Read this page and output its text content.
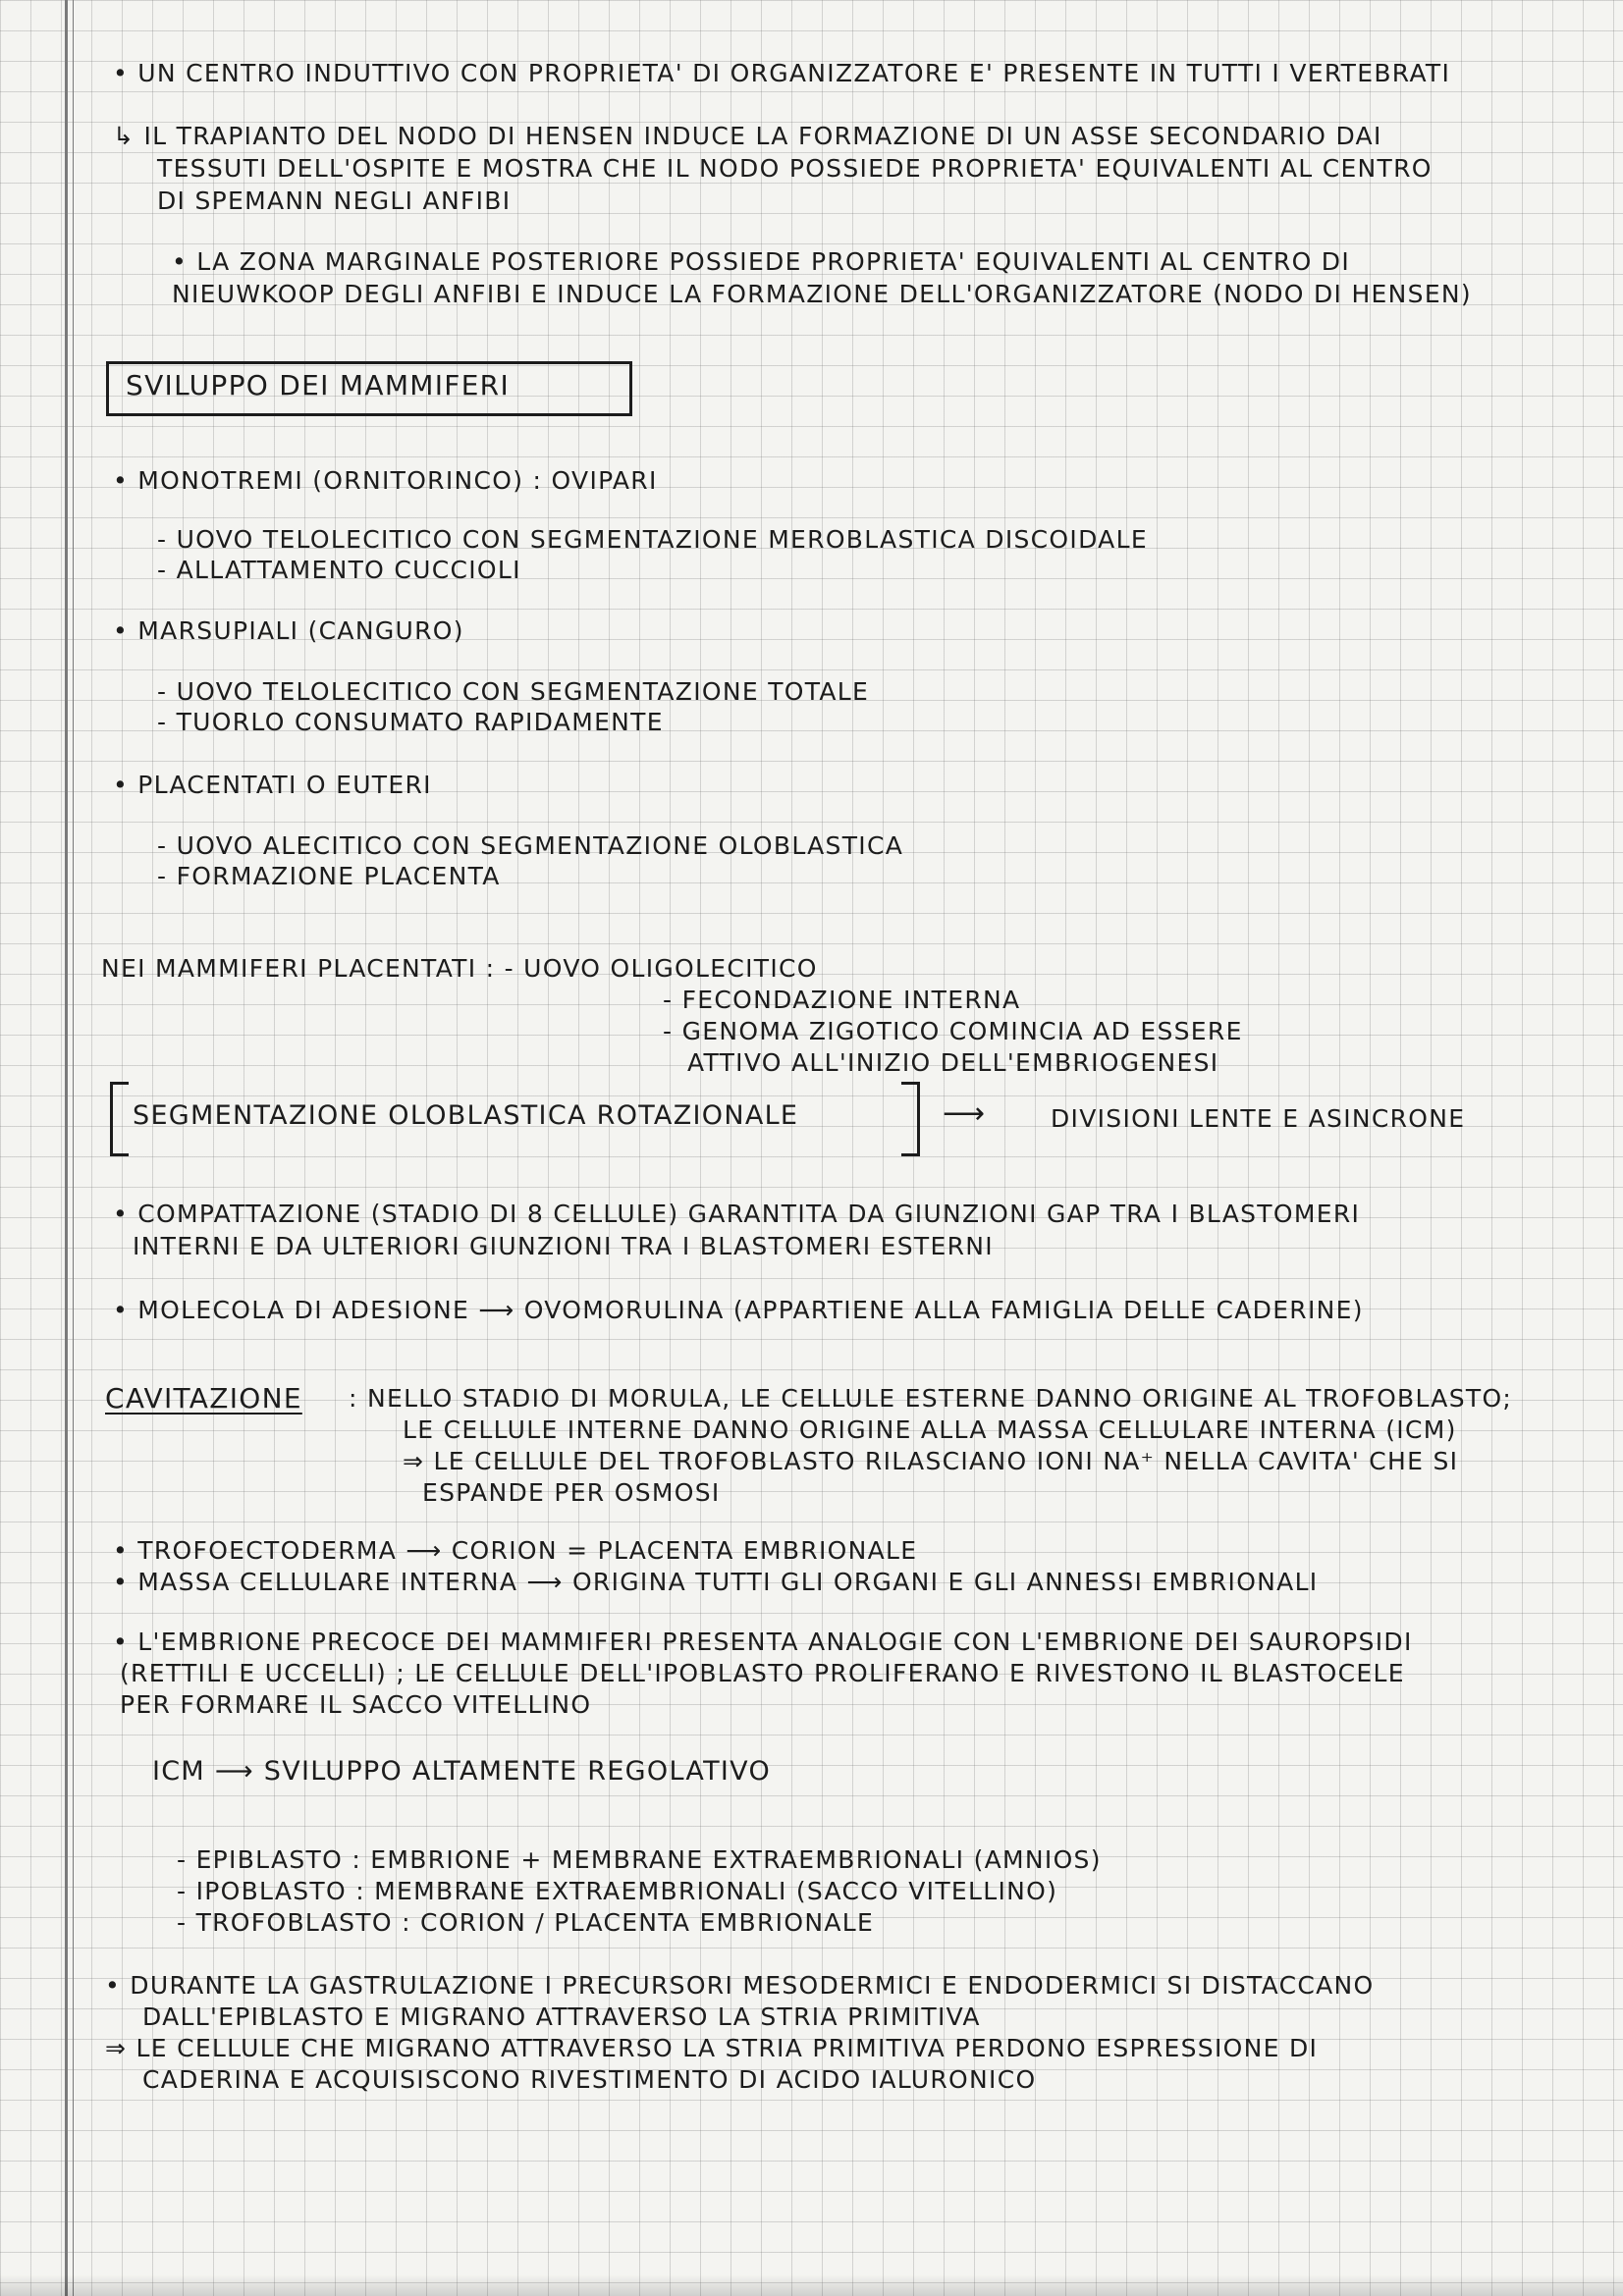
• UN CENTRO INDUTTIVO CON PROPRIETA' DI ORGANIZZATORE E' PRESENTE IN TUTTI I VERTEBRATI

↳ IL TRAPIANTO DEL NODO DI HENSEN INDUCE LA FORMAZIONE DI UN ASSE SECONDARIO DAI

TESSUTI DELL'OSPITE E MOSTRA CHE IL NODO POSSIEDE PROPRIETA' EQUIVALENTI AL CENTRO

DI SPEMANN NEGLI ANFIBI

• LA ZONA MARGINALE POSTERIORE POSSIEDE PROPRIETA' EQUIVALENTI AL CENTRO DI

NIEUWKOOP DEGLI ANFIBI E INDUCE LA FORMAZIONE DELL'ORGANIZZATORE (NODO DI HENSEN)

SVILUPPO DEI MAMMIFERI

• MONOTREMI (ORNITORINCO) : OVIPARI

- UOVO TELOLECITICO CON SEGMENTAZIONE MEROBLASTICA DISCOIDALE

- ALLATTAMENTO CUCCIOLI

• MARSUPIALI (CANGURO)

- UOVO TELOLECITICO CON SEGMENTAZIONE TOTALE

- TUORLO CONSUMATO RAPIDAMENTE

• PLACENTATI O EUTERI

- UOVO ALECITICO CON SEGMENTAZIONE OLOBLASTICA

- FORMAZIONE PLACENTA

NEI MAMMIFERI PLACENTATI : - UOVO OLIGOLECITICO

- FECONDAZIONE INTERNA

- GENOMA ZIGOTICO COMINCIA AD ESSERE

ATTIVO ALL'INIZIO DELL'EMBRIOGENESI

SEGMENTAZIONE OLOBLASTICA ROTAZIONALE	⟶	DIVISIONI LENTE E ASINCRONE

• COMPATTAZIONE (STADIO DI 8 CELLULE) GARANTITA DA GIUNZIONI GAP TRA I BLASTOMERI

INTERNI E DA ULTERIORI GIUNZIONI TRA I BLASTOMERI ESTERNI

• MOLECOLA DI ADESIONE ⟶ OVOMORULINA (APPARTIENE ALLA FAMIGLIA DELLE CADERINE)

CAVITAZIONE : NELLO STADIO DI MORULA, LE CELLULE ESTERNE DANNO ORIGINE AL TROFOBLASTO;

LE CELLULE INTERNE DANNO ORIGINE ALLA MASSA CELLULARE INTERNA (ICM)

⇒ LE CELLULE DEL TROFOBLASTO RILASCIANO IONI NA⁺ NELLA CAVITA' CHE SI

ESPANDE PER OSMOSI

• TROFOECTODERMA ⟶ CORION = PLACENTA EMBRIONALE

• MASSA CELLULARE INTERNA ⟶ ORIGINA TUTTI GLI ORGANI E GLI ANNESSI EMBRIONALI

• L'EMBRIONE PRECOCE DEI MAMMIFERI PRESENTA ANALOGIE CON L'EMBRIONE DEI SAUROPSIDI

(RETTILI E UCCELLI) ; LE CELLULE DELL'IPOBLASTO PROLIFERANO E RIVESTONO IL BLASTOCELE

PER FORMARE IL SACCO VITELLINO

ICM ⟶ SVILUPPO ALTAMENTE REGOLATIVO

- EPIBLASTO : EMBRIONE + MEMBRANE EXTRAEMBRIONALI (AMNIOS)

- IPOBLASTO : MEMBRANE EXTRAEMBRIONALI (SACCO VITELLINO)

- TROFOBLASTO : CORION / PLACENTA EMBRIONALE

• DURANTE LA GASTRULAZIONE I PRECURSORI MESODERMICI E ENDODERMICI SI DISTACCANO

DALL'EPIBLASTO E MIGRANO ATTRAVERSO LA STRIA PRIMITIVA

⇒ LE CELLULE CHE MIGRANO ATTRAVERSO LA STRIA PRIMITIVA PERDONO ESPRESSIONE DI

CADERINA E ACQUISISCONO RIVESTIMENTO DI ACIDO IALURONICO
